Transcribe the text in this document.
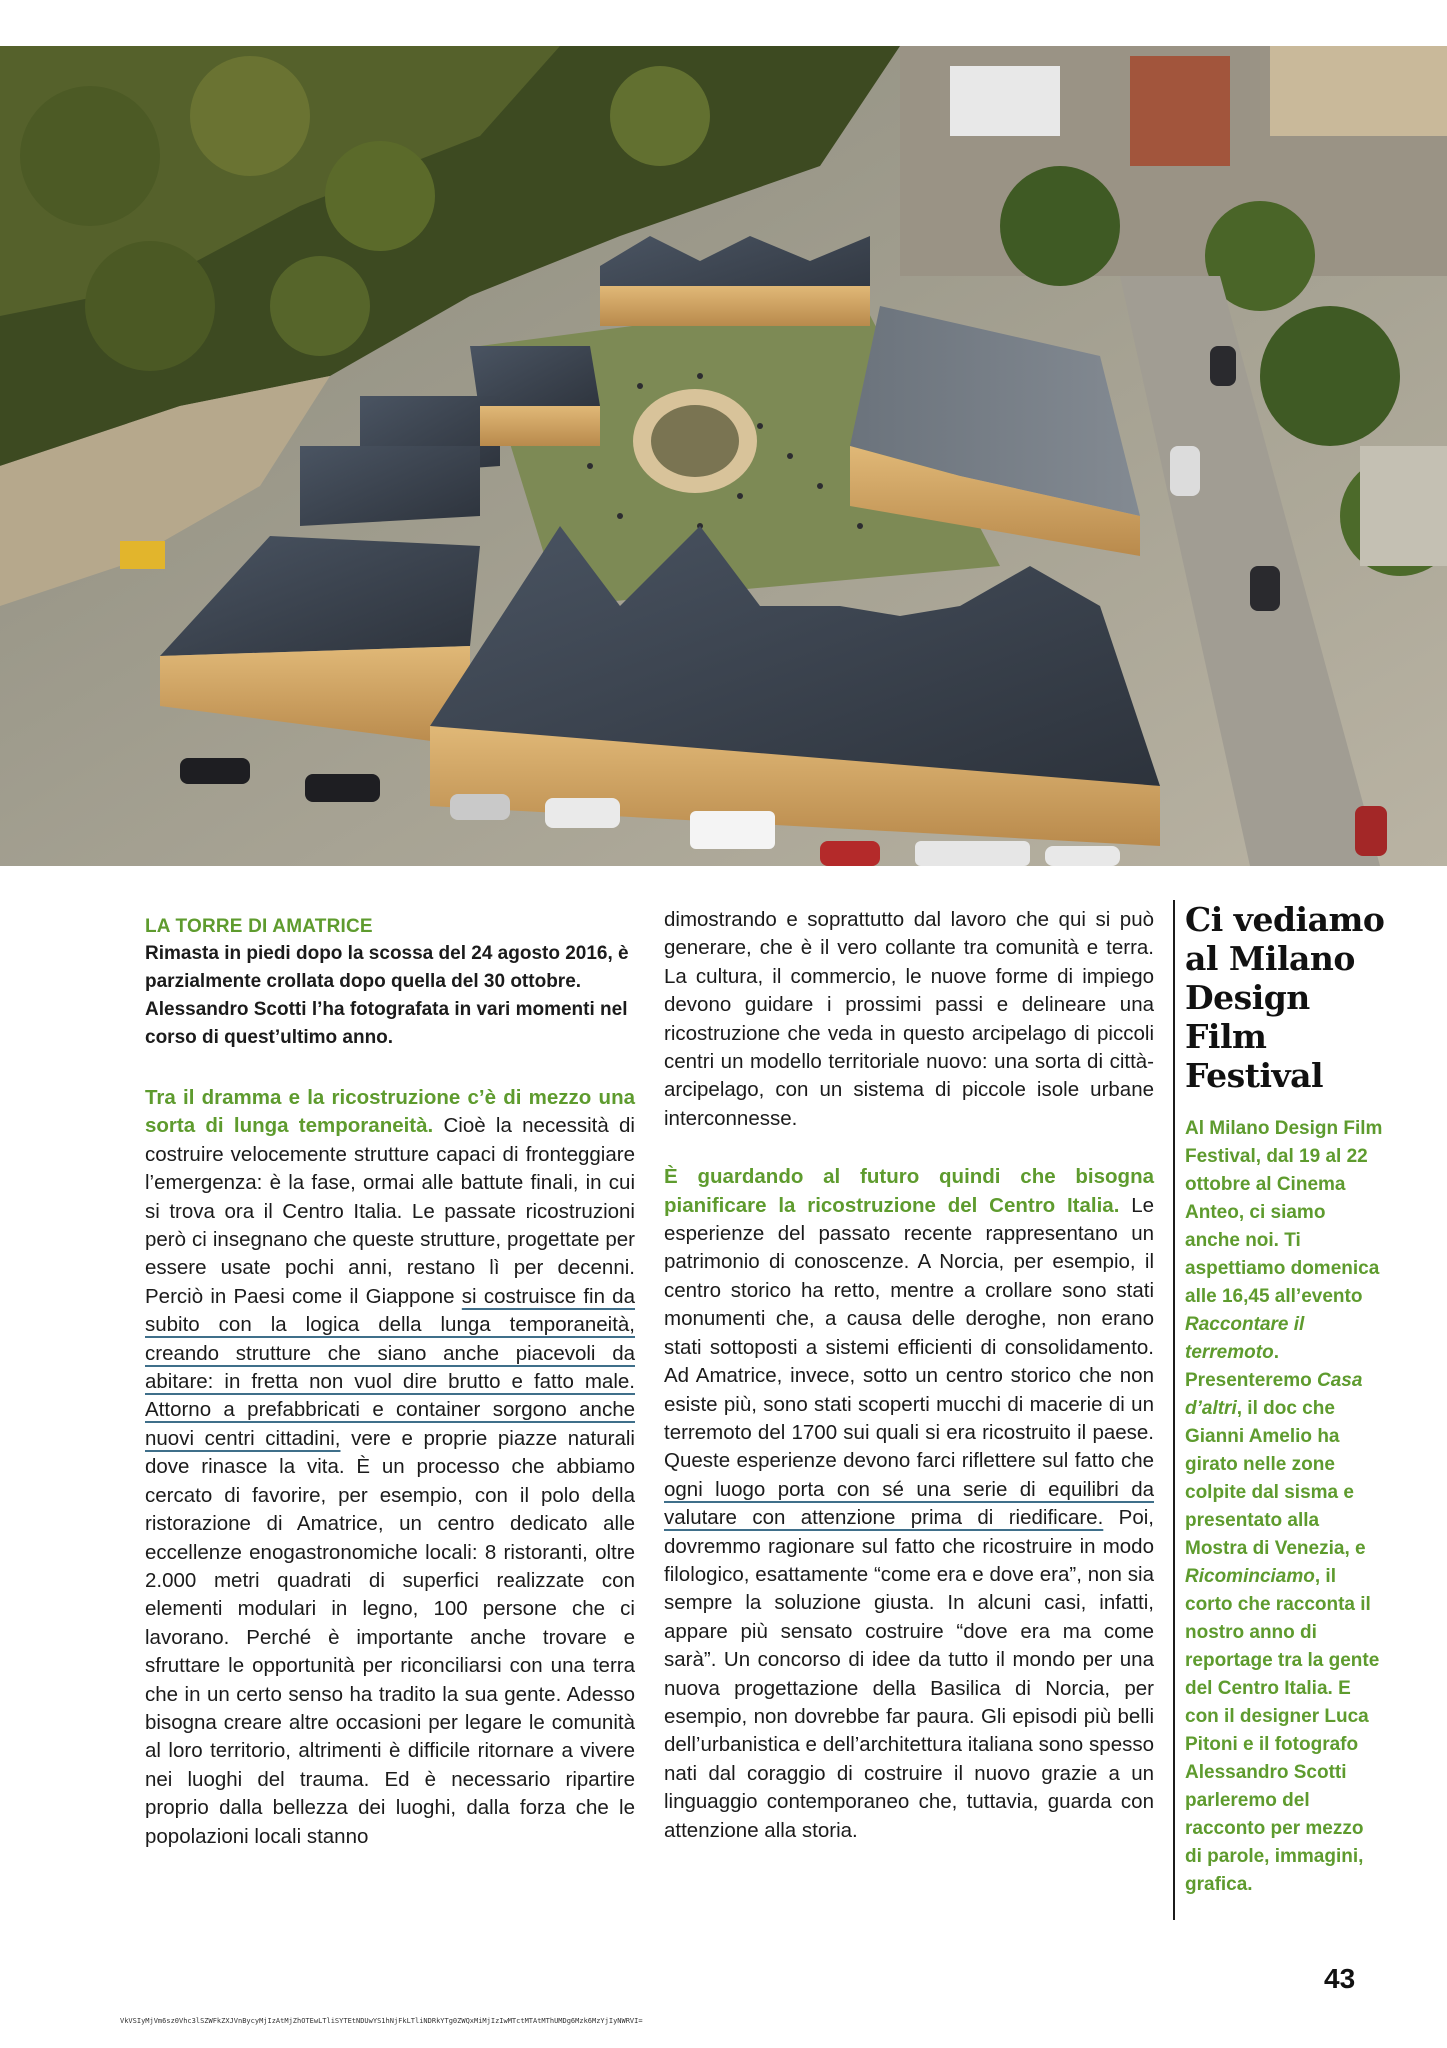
LA TORRE DI AMATRICE

Rimasta in piedi dopo la scossa del 24 agosto 2016, è parzialmente crollata dopo quella del 30 ottobre. Alessandro Scotti l’ha fotografata in vari momenti nel corso di quest’ultimo anno.

Tra il dramma e la ricostruzione c’è di mezzo una sorta di lunga temporaneità. Cioè la necessità di costruire velocemente strutture capaci di fronteggiare l’emergenza: è la fase, ormai alle battute finali, in cui si trova ora il Centro Italia. Le passate ricostruzioni però ci insegnano che queste strutture, progettate per essere usate pochi anni, restano lì per decenni. Perciò in Paesi come il Giappone si costruisce fin da subito con la logica della lunga temporaneità, creando strutture che siano anche piacevoli da abitare: in fretta non vuol dire brutto e fatto male. Attorno a prefabbricati e container sorgono anche nuovi centri cittadini, vere e proprie piazze naturali dove rinasce la vita. È un processo che abbiamo cercato di favorire, per esempio, con il polo della ristorazione di Amatrice, un centro dedicato alle eccellenze enogastronomiche locali: 8 ristoranti, oltre 2.000 metri quadrati di superfici realizzate con elementi modulari in legno, 100 persone che ci lavorano. Perché è importante anche trovare e sfruttare le opportunità per riconciliarsi con una terra che in un certo senso ha tradito la sua gente. Adesso bisogna creare altre occasioni per legare le comunità al loro territorio, altrimenti è difficile ritornare a vivere nei luoghi del trauma. Ed è necessario ripartire proprio dalla bellezza dei luoghi, dalla forza che le popolazioni locali stanno

dimostrando e soprattutto dal lavoro che qui si può generare, che è il vero collante tra comunità e terra. La cultura, il commercio, le nuove forme di impiego devono guidare i prossimi passi e delineare una ricostruzione che veda in questo arcipelago di piccoli centri un modello territoriale nuovo: una sorta di città-arcipelago, con un sistema di piccole isole urbane interconnesse.

È guardando al futuro quindi che bisogna pianificare la ricostruzione del Centro Italia. Le esperienze del passato recente rappresentano un patrimonio di conoscenze. A Norcia, per esempio, il centro storico ha retto, mentre a crollare sono stati monumenti che, a causa delle deroghe, non erano stati sottoposti a sistemi efficienti di consolidamento. Ad Amatrice, invece, sotto un centro storico che non esiste più, sono stati scoperti mucchi di macerie di un terremoto del 1700 sui quali si era ricostruito il paese. Queste esperienze devono farci riflettere sul fatto che ogni luogo porta con sé una serie di equilibri da valutare con attenzione prima di riedificare. Poi, dovremmo ragionare sul fatto che ricostruire in modo filologico, esattamente “come era e dove era”, non sia sempre la soluzione giusta. In alcuni casi, infatti, appare più sensato costruire “dove era ma come sarà”. Un concorso di idee da tutto il mondo per una nuova progettazione della Basilica di Norcia, per esempio, non dovrebbe far paura. Gli episodi più belli dell’urbanistica e dell’architettura italiana sono spesso nati dal coraggio di costruire il nuovo grazie a un linguaggio contemporaneo che, tuttavia, guarda con attenzione alla storia.

Ci vediamo al Milano Design Film Festival

Al Milano Design Film Festival, dal 19 al 22 ottobre al Cinema Anteo, ci siamo anche noi. Ti aspettiamo domenica alle 16,45 all’evento Raccontare il terremoto. Presenteremo Casa d’altri, il doc che Gianni Amelio ha girato nelle zone colpite dal sisma e presentato alla Mostra di Venezia, e Ricominciamo, il corto che racconta il nostro anno di reportage tra la gente del Centro Italia. E con il designer Luca Pitoni e il fotografo Alessandro Scotti parleremo del racconto per mezzo di parole, immagini, grafica.

43
VkVSIyMjVm6sz0Vhc3lSZWFkZXJVnBycyMjIzAtMjZhOTEwLTliSYTEtNDUwYS1hNjFkLTliNDRkYTg0ZWQxMiMjIzIwMTctMTAtMThUMDg6Mzk6MzYjIyNWRVI=
